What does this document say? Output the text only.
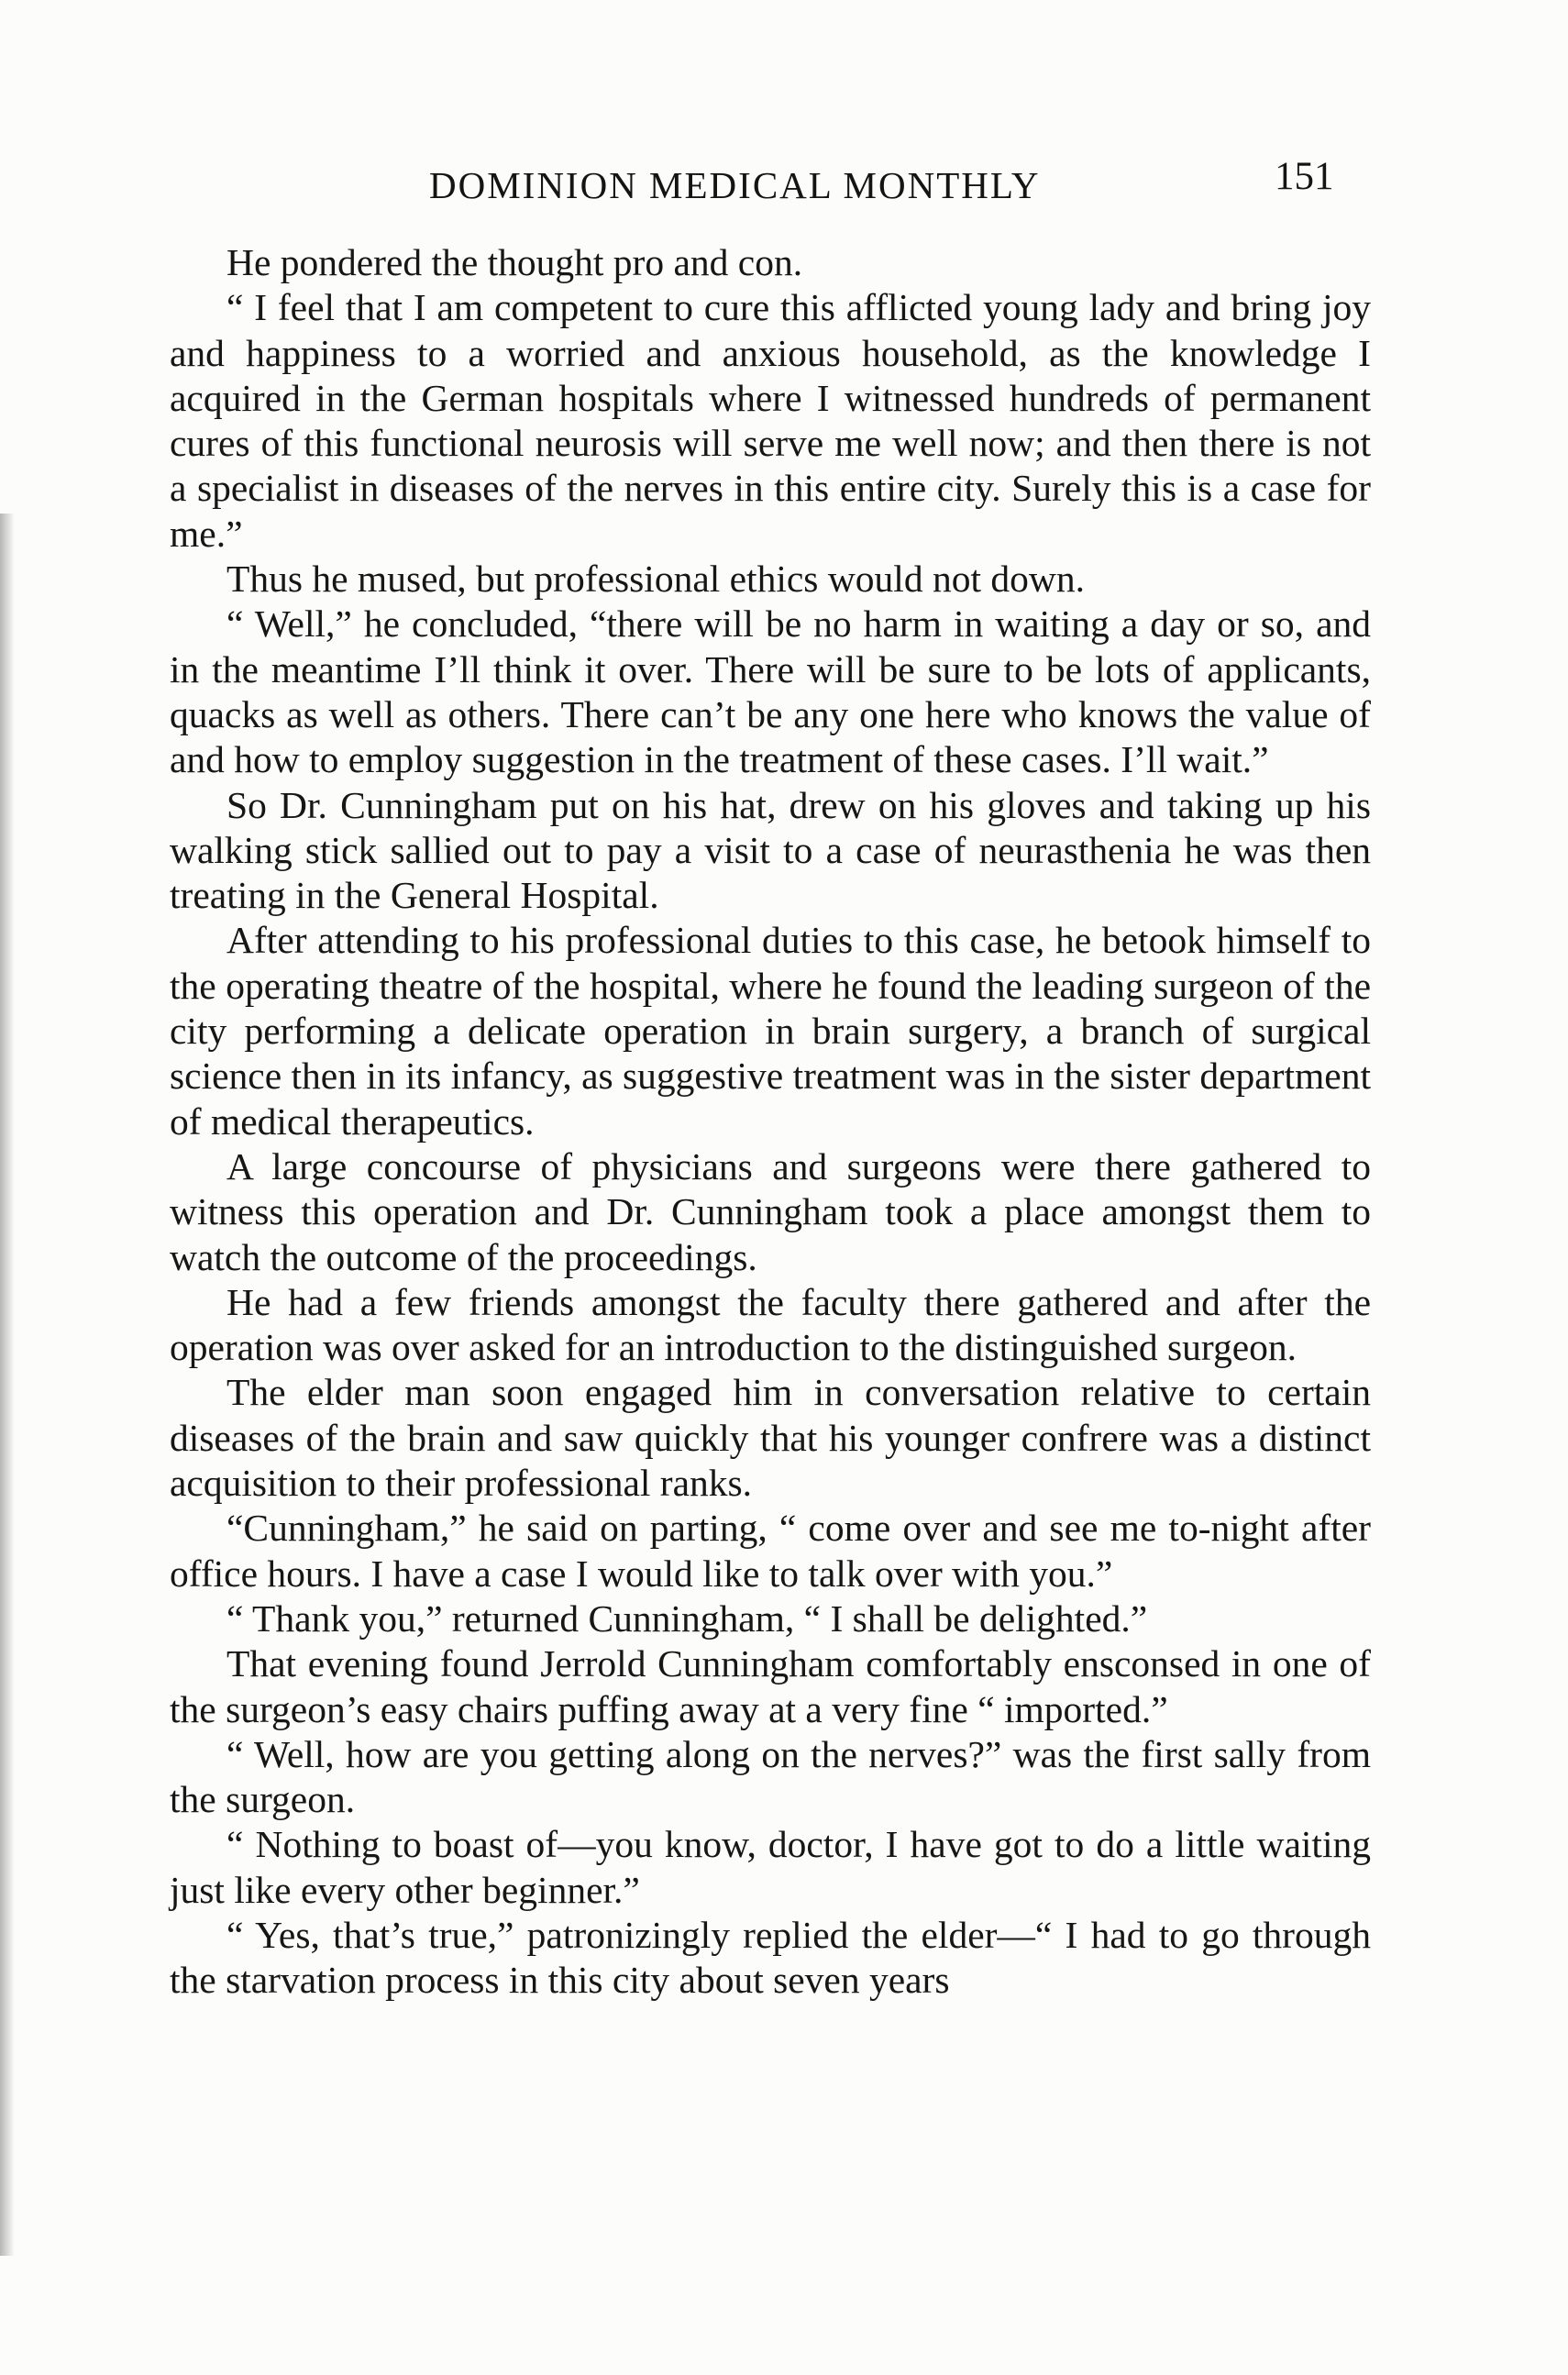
DOMINION MEDICAL MONTHLY	151

He pondered the thought pro and con.

“ I feel that I am competent to cure this afflicted young lady and bring joy and happiness to a worried and anxious household, as the knowledge I acquired in the German hospitals where I witnessed hundreds of permanent cures of this functional neurosis will serve me well now; and then there is not a specialist in diseases of the nerves in this entire city. Surely this is a case for me.”

Thus he mused, but professional ethics would not down.

“ Well,” he concluded, “there will be no harm in waiting a day or so, and in the meantime I’ll think it over. There will be sure to be lots of applicants, quacks as well as others. There can’t be any one here who knows the value of and how to employ suggestion in the treatment of these cases. I’ll wait.”

So Dr. Cunningham put on his hat, drew on his gloves and taking up his walking stick sallied out to pay a visit to a case of neurasthenia he was then treating in the General Hospital.

After attending to his professional duties to this case, he betook himself to the operating theatre of the hospital, where he found the leading surgeon of the city performing a delicate operation in brain surgery, a branch of surgical science then in its infancy, as suggestive treatment was in the sister department of medical therapeutics.

A large concourse of physicians and surgeons were there gathered to witness this operation and Dr. Cunningham took a place amongst them to watch the outcome of the proceedings.

He had a few friends amongst the faculty there gathered and after the operation was over asked for an introduction to the distinguished surgeon.

The elder man soon engaged him in conversation relative to certain diseases of the brain and saw quickly that his younger confrere was a distinct acquisition to their professional ranks.

“Cunningham,” he said on parting, “ come over and see me to-night after office hours. I have a case I would like to talk over with you.”

“ Thank you,” returned Cunningham, “ I shall be delighted.”

That evening found Jerrold Cunningham comfortably ensconsed in one of the surgeon’s easy chairs puffing away at a very fine “ imported.”

“ Well, how are you getting along on the nerves?” was the first sally from the surgeon.

“ Nothing to boast of—you know, doctor, I have got to do a little waiting just like every other beginner.”

“ Yes, that’s true,” patronizingly replied the elder—“ I had to go through the starvation process in this city about seven years
